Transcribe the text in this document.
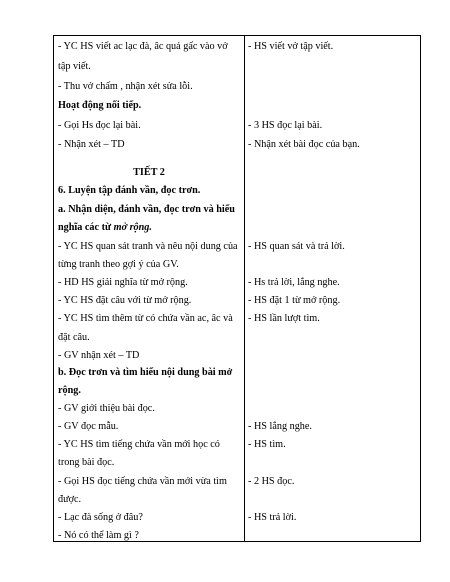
- YC HS viết ac lạc đà, âc quả gấc vào vở
tập viết.
- Thu vở chấm , nhận xét sửa lỗi.
Hoạt động nối tiếp.
- Gọi Hs đọc lại bài.
- Nhận xét – TD
TIẾT 2
6. Luyện tập đánh vần, đọc trơn.
a. Nhận diện, đánh vần, đọc trơn và hiểu
nghĩa các từ mở rộng.
- YC HS quan sát tranh và nêu nội dung của
từng tranh theo gợi ý của GV.
- HD HS giải nghĩa từ mở rộng.
- YC HS đặt câu với từ mở rộng.
- YC HS tìm thêm từ có chứa vần ac, âc và
đặt câu.
- GV nhận xét – TD
b. Đọc trơn và tìm hiểu nội dung bài mở
rộng.
- GV giới thiệu bài đọc.
- GV đọc mẫu.
- YC HS tìm tiếng chứa vần mới học có
trong bài đọc.
- Gọi HS đọc tiếng chứa vần mới vừa tìm
được.
- Lạc đà sống ở đâu?
- Nó có thể làm gì ?
- HS viết vở tập viết.
- 3 HS đọc lại bài.
- Nhận xét bài đọc của bạn.
- HS quan sát và trả lời.
- Hs trả lời, lắng nghe.
- HS đặt 1 từ mở rộng.
- HS lần lượt tìm.
- HS lắng nghe.
- HS tìm.
- 2 HS đọc.
- HS trả lời.
